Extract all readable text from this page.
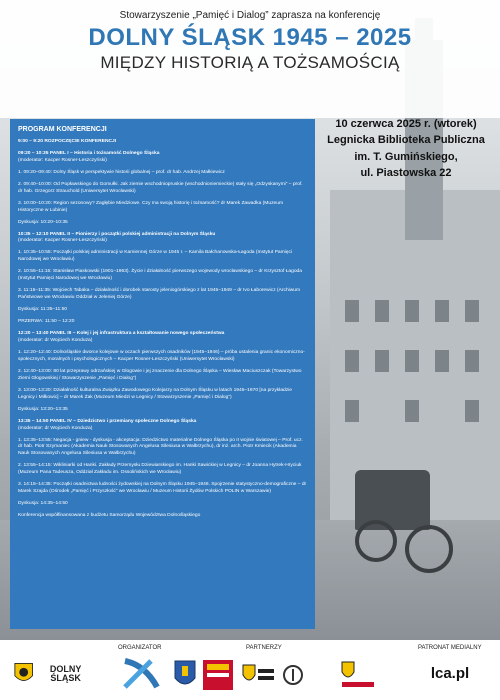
Stowarzyszenie „Pamięć i Dialog” zaprasza na konferencję
DOLNY ŚLĄSK 1945 – 2025
MIĘDZY HISTORIĄ A TOŻSAMOŚCIĄ
PROGRAM KONFERENCJI
9:00 – 9:20 ROZPOCZĘCIE KONFERENCJI
09:20 – 10:35 PANEL I – Historia i tożsamość Dolnego Śląska
(moderator: Kacper Rosner-Leszczyński)
1. 09:20–09:40: Dolny Śląsk w perspektywie historii globalnej – prof. dr hab. Andrzej Małkiewicz
2. 09:40–10:00: Od Popławskiego do Gomułki. Jak ziemie wschodniopruskie (wschodnioniemieckie) stały się „Odzyskanymi” – prof. dr hab. Grzegorz Strauchold (Uniwersytet Wrocławski)
3. 10:00–10:20: Region sezonowy? Zagłębie Miedziowe. Czy ma swoją historię i tożsamość? dr Marek Zawadka (Muzeum Historyczne w Lubinie)
Dyskusja: 10:20–10:35
10:35 – 12:10 PANEL II – Pionierzy i początki polskiej administracji na Dolnym Śląsku
(moderator: Kacper Rosner-Leszczyński)
1. 10:35–10:55: Początki polskiej administracji w Kamiennej Górze w 1945 r. – Kamila Bałchanowska-Łagoda (Instytut Pamięci Narodowej we Wrocławiu)
2. 10:55–11:15: Stanisław Piaskowski (1901–1963). Życie i działalność pierwszego wojewody wrocławskiego – dr Krzysztof Łagoda (Instytut Pamięci Narodowej we Wrocławiu)
3. 11:15–11:35: Wojciech Tabaka – działalność i dorobek starosty jeleniogórskiego z lat 1945–1949 – dr Ivo Łaborewicz (Archiwum Państwowe we Wrocławiu Oddział w Jeleniej Górze)
Dyskusja: 11:35–11:50
PRZERWA: 11:50 – 12:20
12:20 – 13:40 PANEL III – Kolej i jej infrastruktura a kształtowanie nowego społeczeństwa
(moderator: dr Wojciech Konduza)
1. 12:20–12:40: Dolnośląskie dworce kolejowe w oczach pierwszych osadników (1945–1946) – próba ustalenia granic ekonomiczno-społecznych, moralnych i psychologicznych – Kacper Rosner-Leszczyński (Uniwersytet Wrocławski)
2. 12:40–13:00: 80 lat przeprawy odrzańskiej w Głogowie i jej znaczenie dla Dolnego Śląska – Wiesław Maciuszczak (Towarzystwo Ziemi Głogowskiej / Stowarzyszenie „Pamięć i Dialog”)
3. 13:00–13:20: Działalność kulturalna Związku Zawodowego Kolejarzy na Dolnym Śląsku w latach 1945–1970 [na przykładzie Legnicy i Miłkowic] – dr Marek Żak (Muzeum Miedzi w Legnicy / Stowarzyszenie „Pamięć i Dialog”)
Dyskusja: 13:20–13:35
13:35 – 14:50 PANEL IV – Dziedzictwo i przemiany społeczne Dolnego Śląska
(moderator: dr Wojciech Konduza)
1. 13:35–13:55: Negacja - gniew - dyskusja - akceptacja: Dziedzictwo materialne Dolnego Śląska po II wojnie światowej – Prof. ucz. dr hab. Piotr Szymaniec (Akademia Nauk Stosowanych Angelusa Silesiusa w Wałbrzychu), dr inż. arch. Piotr Kmiecik (Akademia Nauk Stosowanych Angelusa Silesiusa w Wałbrzychu)
2. 13:55–14:15: Wikliniarki od Hanki. Zakłady Przemysłu Dziewiarskiego im. Hanki Sawickiej w Legnicy – dr Joanna Hytrek-Hryciuk (Muzeum Pana Tadeusza, Oddział Zakładu im. Ossolińskich we Wrocławiu)
3. 14:15–14:35: Początki osadnictwa ludności żydowskiej na Dolnym Śląsku 1945–1946. Spojrzenie statystyczno-demograficzne – dr Marek Szajda (Ośrodek „Pamięć i Przyszłość” we Wrocławiu / Muzeum Historii Żydów Polskich POLIN w Warszawie)
Dyskusja: 14:35–14:50
Konferencja współfinansowana z budżetu Samorządu Województwa Dolnośląskiego
10 czerwca 2025 r. (wtorek)
Legnicka Biblioteka Publiczna
im. T. Gumińskiego,
ul. Piastowska 22
DOLNY ŚLĄSK
ORGANIZATOR	PARTNERZY	PATRONAT MEDIALNY
lca.pl
